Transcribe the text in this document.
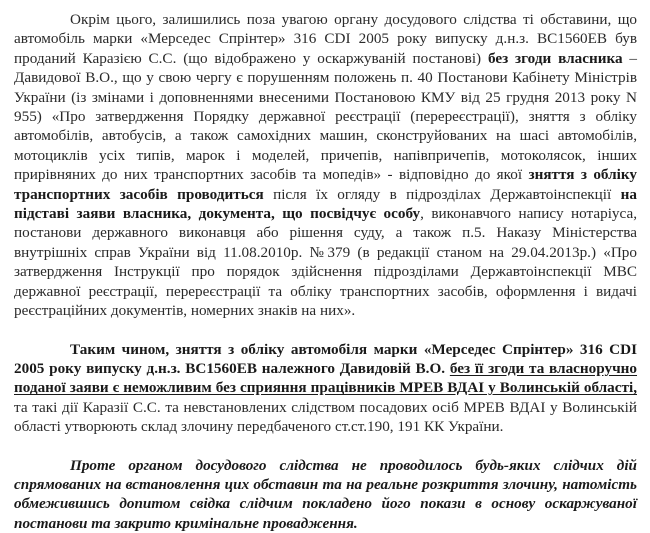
Окрім цього, залишились поза увагою органу досудового слідства ті обставини, що автомобіль марки «Мерседес Спрінтер» 316 CDI 2005 року випуску д.н.з. ВС1560ЕВ був проданий Каразією С.С. (що відображено у оскаржуваній постанові) без згоди власника – Давидової В.О., що у свою чергу є порушенням положень п. 40 Постанови Кабінету Міністрів України (із змінами і доповненнями внесеними Постановою КМУ від 25 грудня 2013 року N 955) «Про затвердження Порядку державної реєстрації (перереєстрації), зняття з обліку автомобілів, автобусів, а також самохідних машин, сконструйованих на шасі автомобілів, мотоциклів усіх типів, марок і моделей, причепів, напівпричепів, мотоколясок, інших прирівняних до них транспортних засобів та мопедів» - відповідно до якої зняття з обліку транспортних засобів проводиться після їх огляду в підрозділах Державтоінспекції на підставі заяви власника, документа, що посвідчує особу, виконавчого напису нотаріуса, постанови державного виконавця або рішення суду, а також п.5. Наказу Міністерства внутрішніх справ України від 11.08.2010р. №379 (в редакції станом на 29.04.2013р.) «Про затвердження Інструкції про порядок здійснення підрозділами Державтоінспекції МВС державної реєстрації, перереєстрації та обліку транспортних засобів, оформлення і видачі реєстраційних документів, номерних знаків на них».

Таким чином, зняття з обліку автомобіля марки «Мерседес Спрінтер» 316 CDI 2005 року випуску д.н.з. ВС1560ЕВ належного Давидовій В.О. без її згоди та власноручно поданої заяви є неможливим без сприяння працівників МРЕВ ВДАІ у Волинській області, та такі дії Каразії С.С. та невстановлених слідством посадових осіб МРЕВ ВДАІ у Волинській області утворюють склад злочину передбаченого ст.ст.190, 191 КК України.

Проте органом досудового слідства не проводилось будь-яких слідчих дій спрямованих на встановлення цих обставин та на реальне розкриття злочину, натомість обмежившись допитом свідка слідчим покладено його покази в основу оскаржуваної постанови та закрито кримінальне провадження.
